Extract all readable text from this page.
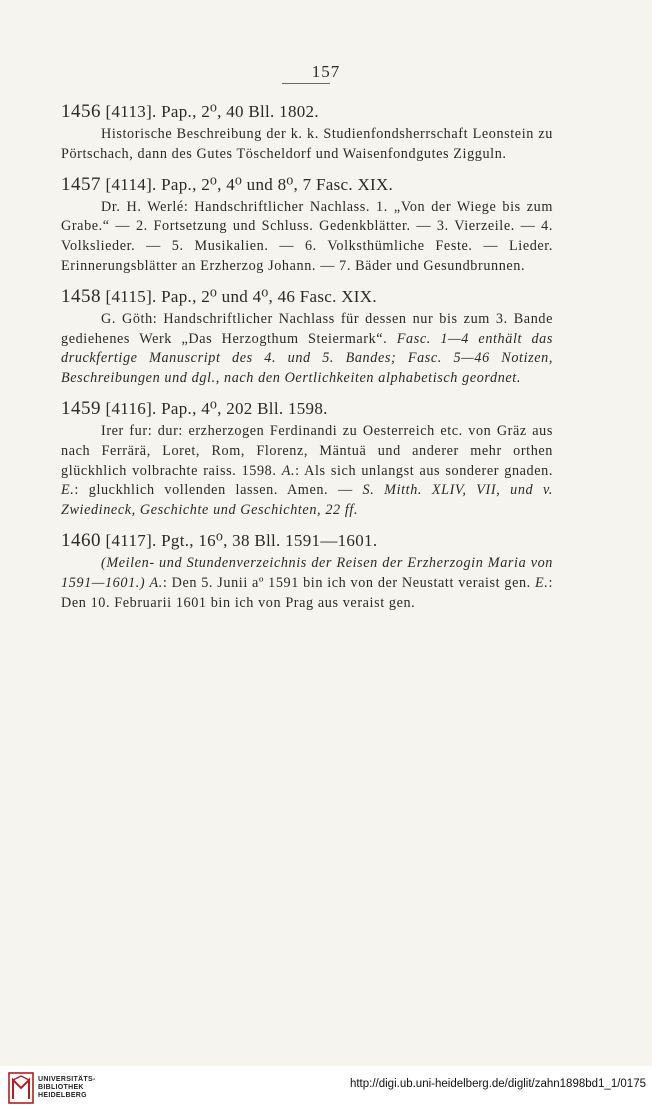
157

1456 [4113]. Pap., 2⁰, 40 Bll. 1802.

Historische Beschreibung der k. k. Studienfondsherrschaft Leonstein zu Pörtschach, dann des Gutes Töscheldorf und Waisenfondgutes Zigguln.

1457 [4114]. Pap., 2⁰, 4⁰ und 8⁰, 7 Fasc. XIX.

Dr. H. Werlé: Handschriftlicher Nachlass. 1. „Von der Wiege bis zum Grabe.“ — 2. Fortsetzung und Schluss. Gedenkblätter. — 3. Vierzeile. — 4. Volkslieder. — 5. Musikalien. — 6. Volksthümliche Feste. — Lieder. Erinnerungsblätter an Erzherzog Johann. — 7. Bäder und Gesundbrunnen.

1458 [4115]. Pap., 2⁰ und 4⁰, 46 Fasc. XIX.

G. Göth: Handschriftlicher Nachlass für dessen nur bis zum 3. Bande gediehenes Werk „Das Herzogthum Steiermark“. Fasc. 1—4 enthält das druckfertige Manuscript des 4. und 5. Bandes; Fasc. 5—46 Notizen, Beschreibungen und dgl., nach den Oertlichkeiten alphabetisch geordnet.

1459 [4116]. Pap., 4⁰, 202 Bll. 1598.

Irer fur: dur: erzherzogen Ferdinandi zu Oesterreich etc. von Gräz aus nach Ferrärä, Loret, Rom, Florenz, Mäntuä und anderer mehr orthen glückhlich volbrachte raiss. 1598. A.: Als sich unlangst aus sonderer gnaden. E.: gluckhlich vollenden lassen. Amen. — S. Mitth. XLIV, VII, und v. Zwiedineck, Geschichte und Geschichten, 22 ff.

1460 [4117]. Pgt., 16⁰, 38 Bll. 1591—1601.

(Meilen- und Stundenverzeichnis der Reisen der Erzherzogin Maria von 1591—1601.) A.: Den 5. Junii aº 1591 bin ich von der Neustatt veraist gen. E.: Den 10. Februarii 1601 bin ich von Prag aus veraist gen.

UNIVERSITÄTS-
BIBLIOTHEK
HEIDELBERG
http://digi.ub.uni-heidelberg.de/diglit/zahn1898bd1_1/0175
